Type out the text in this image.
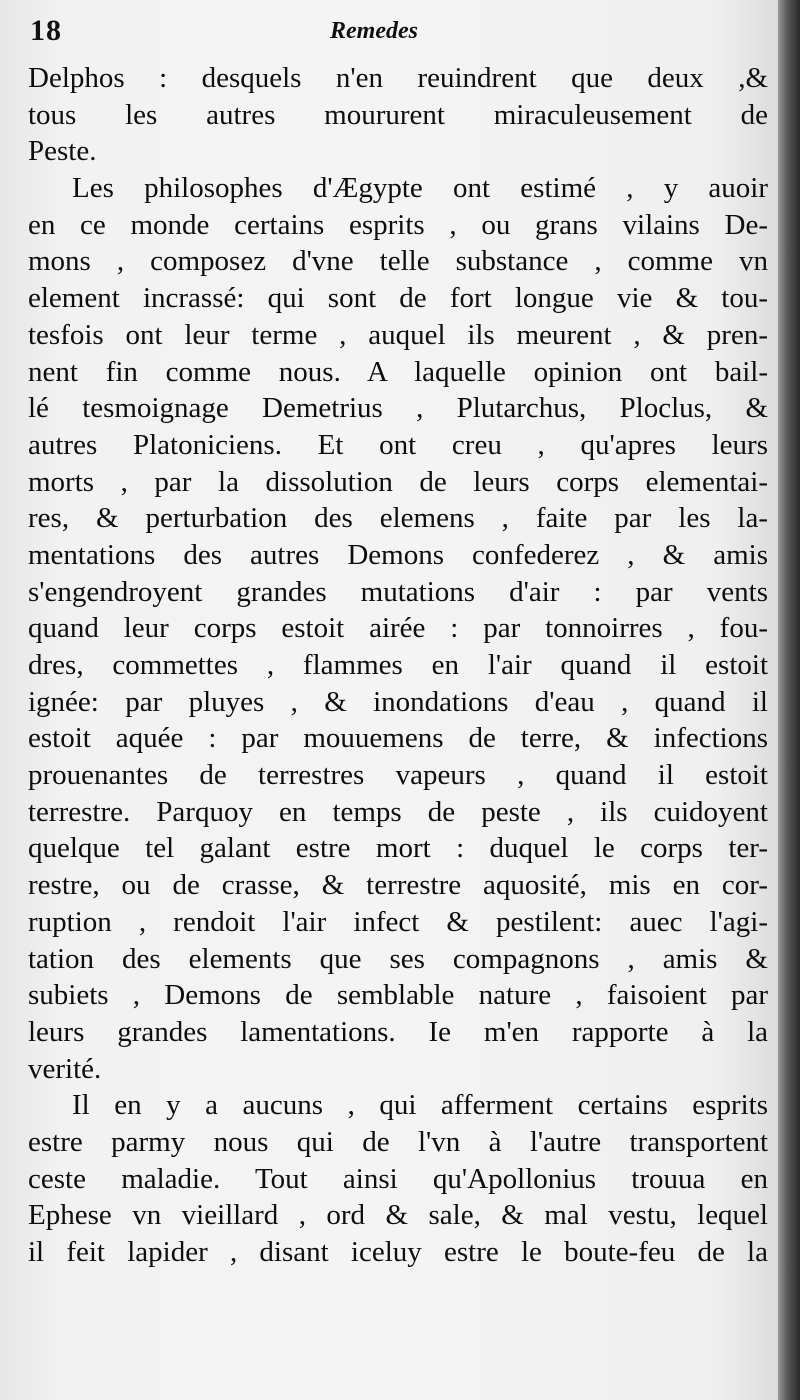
18	Remedes
Delphos : desquels n'en reuindrent que deux ,&
tous les autres moururent miraculeusement de
Peste.
Les philosophes d'Ægypte ont estimé , y auoir
en ce monde certains esprits , ou grans vilains De-
mons , composez d'vne telle substance , comme vn
element incrassé: qui sont de fort longue vie & tou-
tesfois ont leur terme , auquel ils meurent , & pren-
nent fin comme nous. A laquelle opinion ont bail-
lé tesmoignage Demetrius , Plutarchus, Ploclus, &
autres Platoniciens. Et ont creu , qu'apres leurs
morts , par la dissolution de leurs corps elementai-
res, & perturbation des elemens , faite par les la-
mentations des autres Demons confederez , & amis
s'engendroyent grandes mutations d'air : par vents
quand leur corps estoit airée : par tonnoirres , fou-
dres, commettes , flammes en l'air quand il estoit
ignée: par pluyes , & inondations d'eau , quand il
estoit aquée : par mouuemens de terre, & infections
prouenantes de terrestres vapeurs , quand il estoit
terrestre. Parquoy en temps de peste , ils cuidoyent
quelque tel galant estre mort : duquel le corps ter-
restre, ou de crasse, & terrestre aquosité, mis en cor-
ruption , rendoit l'air infect & pestilent: auec l'agi-
tation des elements que ses compagnons , amis &
subiets , Demons de semblable nature , faisoient par
leurs grandes lamentations. Ie m'en rapporte à la
verité.
Il en y a aucuns , qui afferment certains esprits
estre parmy nous qui de l'vn à l'autre transportent
ceste maladie. Tout ainsi qu'Apollonius trouua en
Ephese vn vieillard , ord & sale, & mal vestu, lequel
il feit lapider , disant iceluy estre le boute-feu de la
